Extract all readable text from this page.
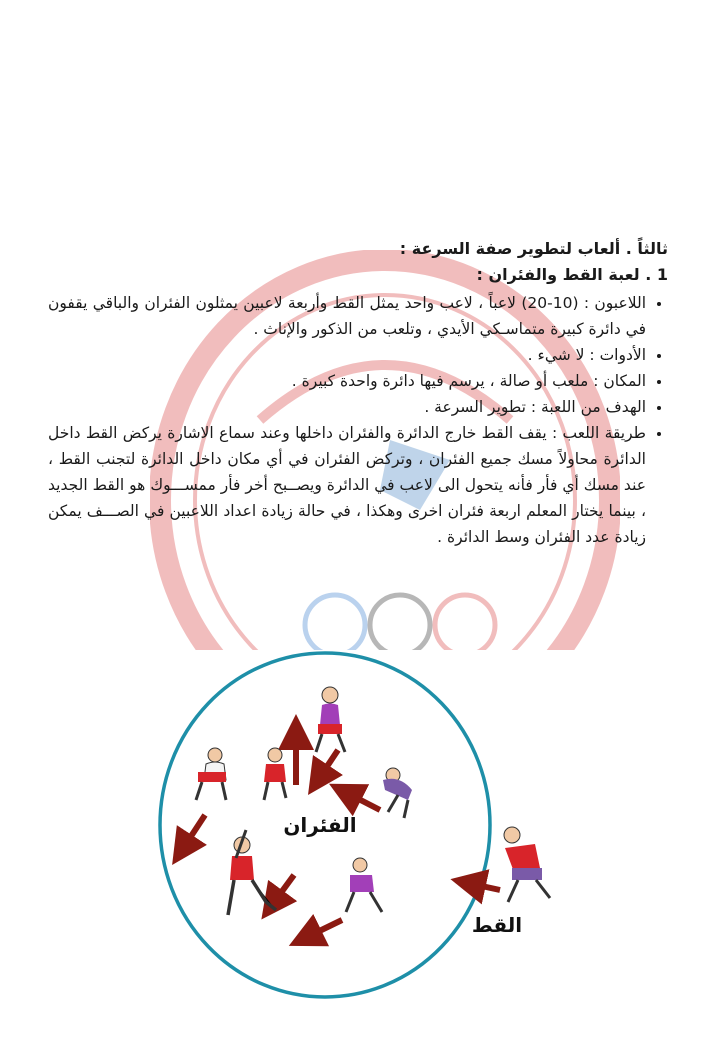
ثالثاً . ألعاب لتطوير صفة السرعة :

1 . لعبة القط والفئران :

• اللاعبون : (10-20) لاعباً ، لاعب واحد يمثل القط وأربعة لاعبين يمثلون الفئران والباقي يقفون في دائرة كبيرة متماسـكي الأيدي ، وتلعب من الذكور والإناث .
• الأدوات : لا شيء .
• المكان : ملعب أو صالة ، يرسم فيها دائرة واحدة كبيرة .
• الهدف من اللعبة : تطوير السرعة .
• طريقة اللعب : يقف القط خارج الدائرة والفئران داخلها وعند سماع الاشارة يركض القط داخل الدائرة محاولاً مسك جميع الفئران ، وتركض الفئران في أي مكان داخل الدائرة لتجنب القط ، عند مسك أي فأر فأنه يتحول الى لاعب في الدائرة ويصــبح أخر فأر ممســـوك هو القط الجديد ، بينما يختار المعلم اربعة فئران اخرى وهكذا ، في حالة زيادة اعداد اللاعبين في الصـــف يمكن زيادة عدد الفئران وسط الدائرة .
الفئران
القط
